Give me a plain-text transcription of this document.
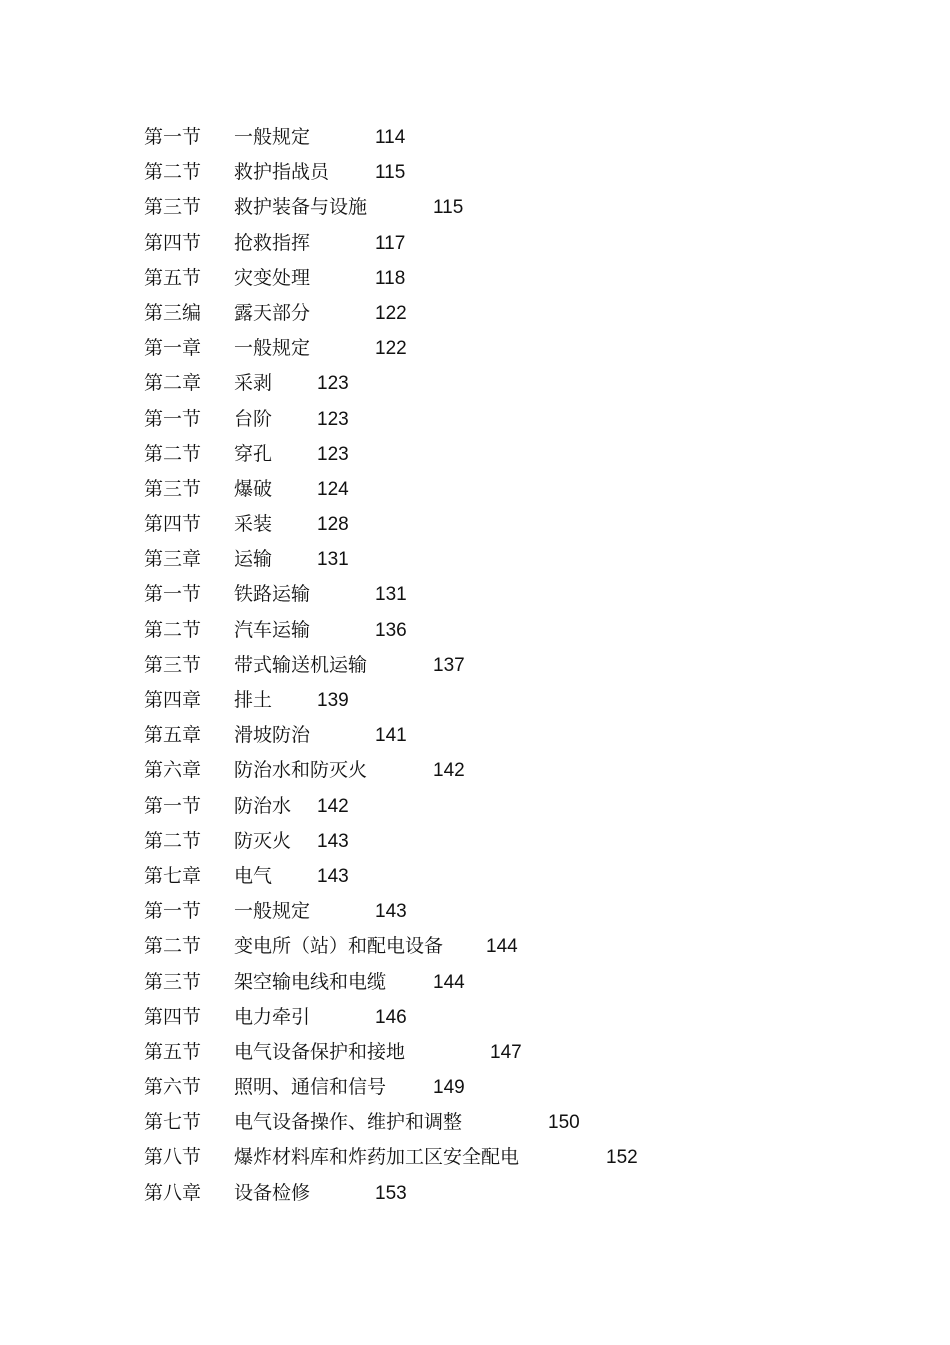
第一节	一般规定	114
第二节	救护指战员	115
第三节	救护装备与设施	115
第四节	抢救指挥	117
第五节	灾变处理	118
第三编	露天部分	122
第一章	一般规定	122
第二章	采剥	123
第一节	台阶	123
第二节	穿孔	123
第三节	爆破	124
第四节	采装	128
第三章	运输	131
第一节	铁路运输	131
第二节	汽车运输	136
第三节	带式输送机运输	137
第四章	排土	139
第五章	滑坡防治	141
第六章	防治水和防灭火	142
第一节	防治水	142
第二节	防灭火	143
第七章	电气	143
第一节	一般规定	143
第二节	变电所（站）和配电设备	144
第三节	架空输电线和电缆	144
第四节	电力牵引	146
第五节	电气设备保护和接地	147
第六节	照明、通信和信号	149
第七节	电气设备操作、维护和调整	150
第八节	爆炸材料库和炸药加工区安全配电	152
第八章	设备检修	153
